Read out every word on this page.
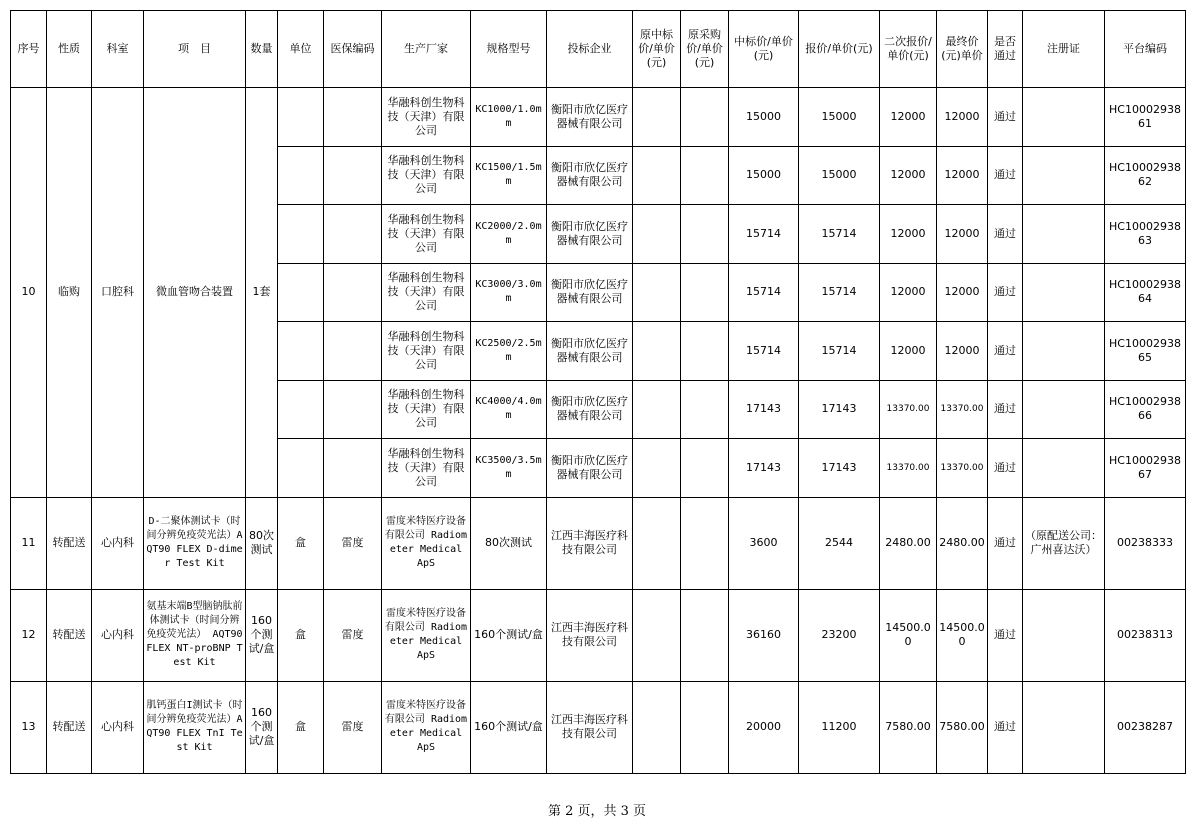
序号	性质	科室	项　目	数量	单位	医保编码	生产厂家	规格型号	投标企业	原中标价/单价(元)	原采购价/单价(元)	中标价/单价(元)	报价/单价(元)	二次报价/单价(元)	最终价(元)单价	是否通过	注册证	平台编码
10	临购	口腔科	微血管吻合装置	1套			华融科创生物科技（天津）有限公司	KC1000/1.0mm	衡阳市欣亿医疗器械有限公司			15000	15000	12000	12000	通过		HC1000293861
							华融科创生物科技（天津）有限公司	KC1500/1.5mm	衡阳市欣亿医疗器械有限公司			15000	15000	12000	12000	通过		HC1000293862
							华融科创生物科技（天津）有限公司	KC2000/2.0mm	衡阳市欣亿医疗器械有限公司			15714	15714	12000	12000	通过		HC1000293863
							华融科创生物科技（天津）有限公司	KC3000/3.0mm	衡阳市欣亿医疗器械有限公司			15714	15714	12000	12000	通过		HC1000293864
							华融科创生物科技（天津）有限公司	KC2500/2.5mm	衡阳市欣亿医疗器械有限公司			15714	15714	12000	12000	通过		HC1000293865
							华融科创生物科技（天津）有限公司	KC4000/4.0mm	衡阳市欣亿医疗器械有限公司			17143	17143	13370.00	13370.00	通过		HC1000293866
							华融科创生物科技（天津）有限公司	KC3500/3.5mm	衡阳市欣亿医疗器械有限公司			17143	17143	13370.00	13370.00	通过		HC1000293867
11	转配送	心内科	D-二聚体测试卡（时间分辨免疫荧光法）AQT90 FLEX D-dimer Test Kit	80次测试	盒	雷度	雷度米特医疗设备有限公司 Radiometer Medical ApS	80次测试	江西丰海医疗科技有限公司			3600	2544	2480.00	2480.00	通过	（原配送公司：广州喜达沃）	00238333
12	转配送	心内科	氨基末端B型脑钠肽前体测试卡（时间分辨免疫荧光法） AQT90 FLEX NT-proBNP Test Kit	160个测试/盒	盒	雷度	雷度米特医疗设备有限公司 Radiometer Medical ApS	160个测试/盒	江西丰海医疗科技有限公司			36160	23200	14500.00	14500.00	通过		00238313
13	转配送	心内科	肌钙蛋白I测试卡（时间分辨免疫荧光法）AQT90 FLEX TnI Test Kit	160个测试/盒	盒	雷度	雷度米特医疗设备有限公司 Radiometer Medical ApS	160个测试/盒	江西丰海医疗科技有限公司			20000	11200	7580.00	7580.00	通过		00238287
第 2 页，共 3 页
